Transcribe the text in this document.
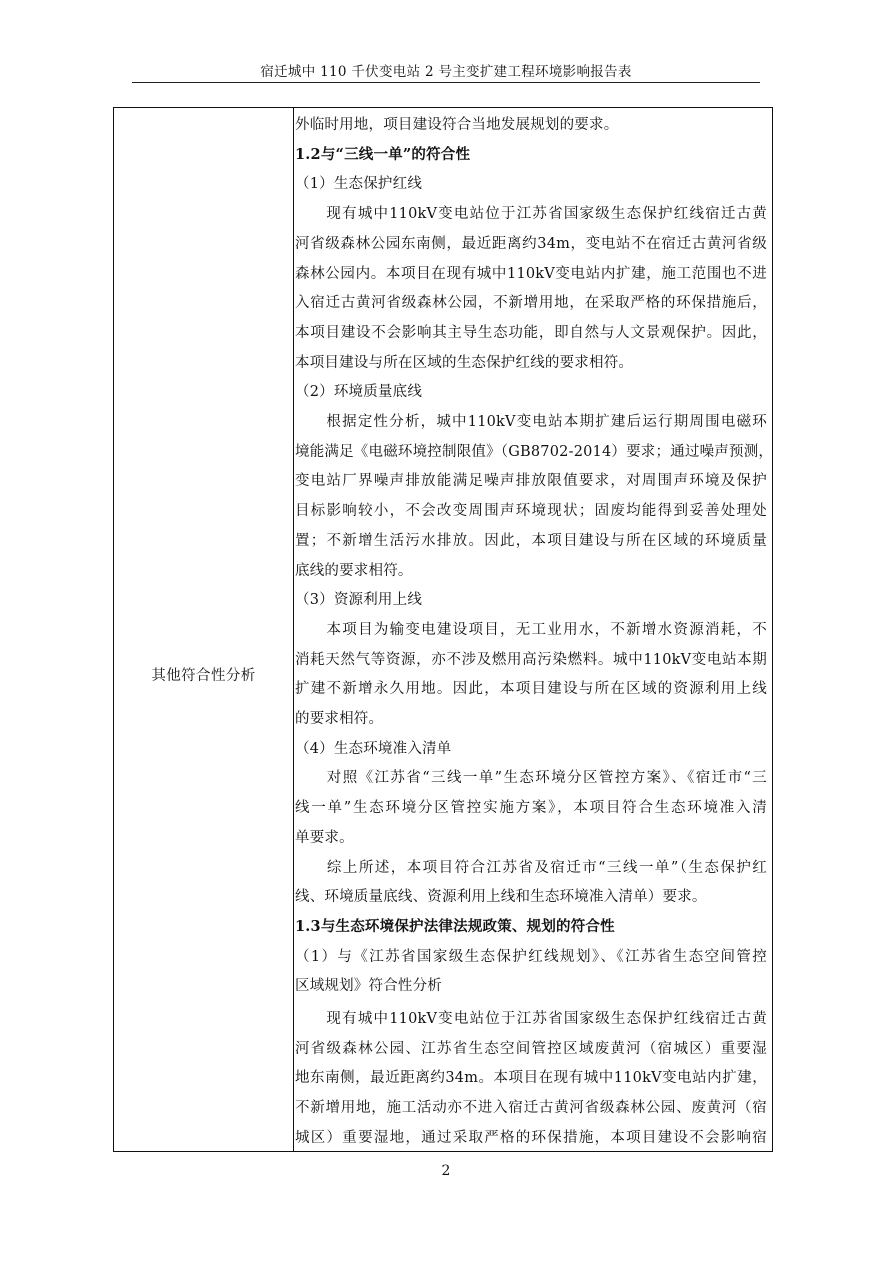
宿迁城中 110 千伏变电站 2 号主变扩建工程环境影响报告表
其他符合性分析
外临时用地，项目建设符合当地发展规划的要求。
1.2与“三线一单”的符合性
（1）生态保护红线
　　现有城中110kV变电站位于江苏省国家级生态保护红线宿迁古黄
河省级森林公园东南侧，最近距离约34m，变电站不在宿迁古黄河省级
森林公园内。本项目在现有城中110kV变电站内扩建，施工范围也不进
入宿迁古黄河省级森林公园，不新增用地，在采取严格的环保措施后，
本项目建设不会影响其主导生态功能，即自然与人文景观保护。因此，
本项目建设与所在区域的生态保护红线的要求相符。
（2）环境质量底线
　　根据定性分析，城中110kV变电站本期扩建后运行期周围电磁环
境能满足《电磁环境控制限值》（GB8702-2014）要求；通过噪声预测，
变电站厂界噪声排放能满足噪声排放限值要求，对周围声环境及保护
目标影响较小，不会改变周围声环境现状；固废均能得到妥善处理处
置；不新增生活污水排放。因此，本项目建设与所在区域的环境质量
底线的要求相符。
（3）资源利用上线
　　本项目为输变电建设项目，无工业用水，不新增水资源消耗，不
消耗天然气等资源，亦不涉及燃用高污染燃料。城中110kV变电站本期
扩建不新增永久用地。因此，本项目建设与所在区域的资源利用上线
的要求相符。
（4）生态环境准入清单
　　对照《江苏省“三线一单”生态环境分区管控方案》、《宿迁市“三
线一单”生态环境分区管控实施方案》，本项目符合生态环境准入清
单要求。
　　综上所述，本项目符合江苏省及宿迁市“三线一单”（生态保护红
线、环境质量底线、资源利用上线和生态环境准入清单）要求。
1.3与生态环境保护法律法规政策、规划的符合性
（1）与《江苏省国家级生态保护红线规划》、《江苏省生态空间管控
区域规划》符合性分析
　　现有城中110kV变电站位于江苏省国家级生态保护红线宿迁古黄
河省级森林公园、江苏省生态空间管控区域废黄河（宿城区）重要湿
地东南侧，最近距离约34m。本项目在现有城中110kV变电站内扩建，
不新增用地，施工活动亦不进入宿迁古黄河省级森林公园、废黄河（宿
城区）重要湿地，通过采取严格的环保措施，本项目建设不会影响宿
2
